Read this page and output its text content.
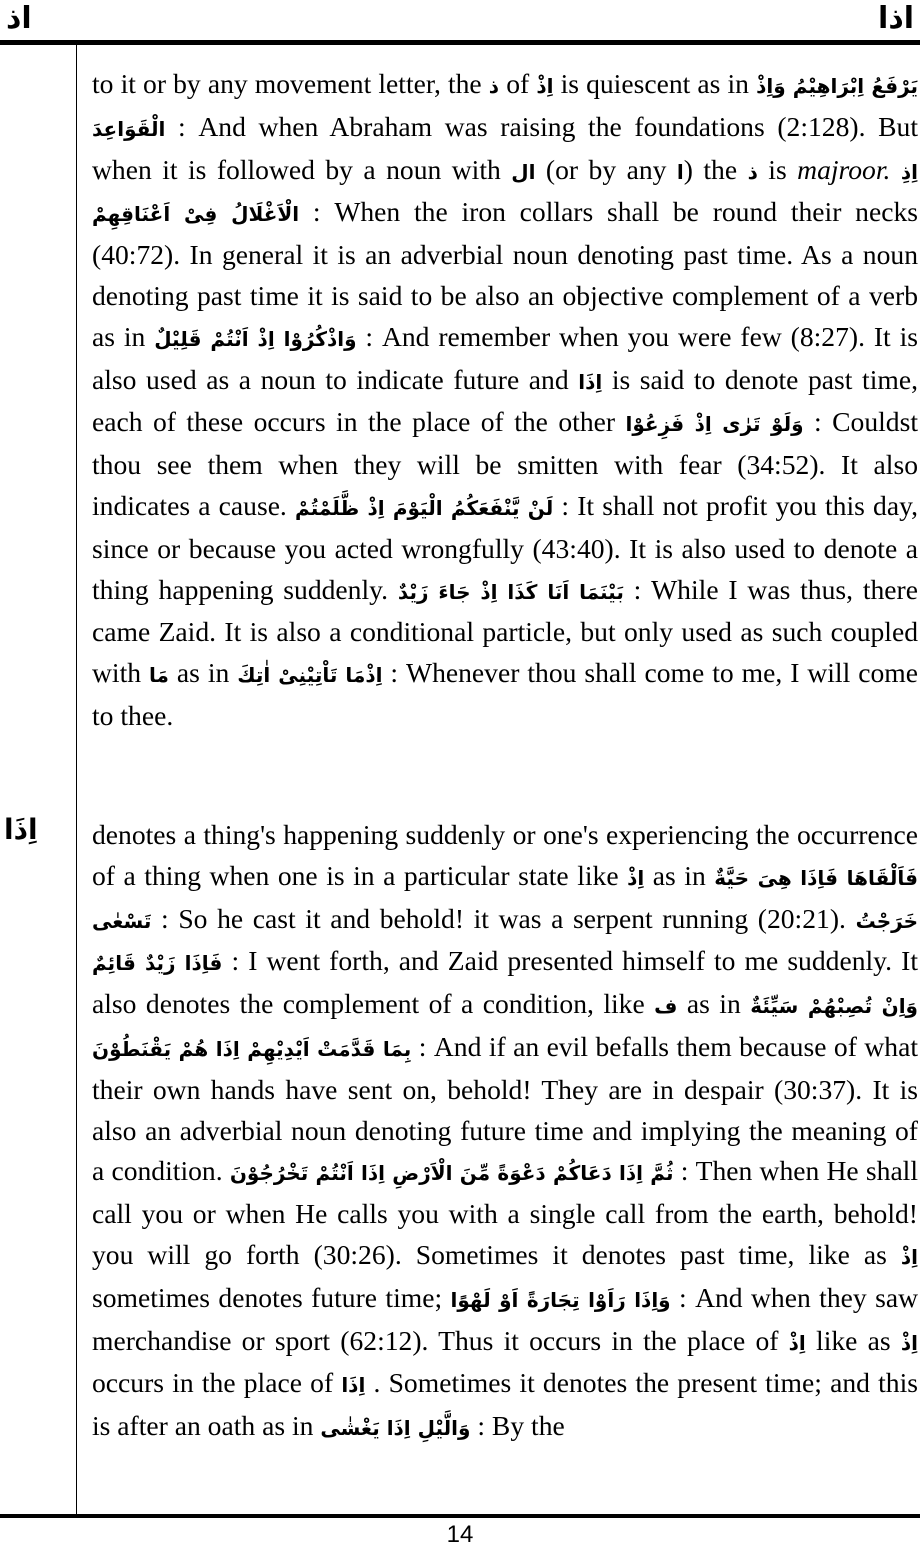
اذ	اذا

to it or by any movement letter, the ذ of اِذْ is quiescent as in وَاِذْ يَرْفَعُ اِبْرَاهِيْمُ الْقَوَاعِدَ : And when Abraham was raising the foundations (2:128). But when it is followed by a noun with ال (or by any ا) the ذ is majroor. اِذِ الْاَغْلَالُ فِىْ اَعْنَاقِهِمْ : When the iron collars shall be round their necks (40:72). In general it is an adverbial noun denoting past time. As a noun denoting past time it is said to be also an objective complement of a verb as in وَاذْكُرُوْا اِذْ اَنْتُمْ قَلِيْلٌ : And remember when you were few (8:27). It is also used as a noun to indicate future and اِذَا is said to denote past time, each of these occurs in the place of the other وَلَوْ تَرٰى اِذْ فَزِعُوْا : Couldst thou see them when they will be smitten with fear (34:52). It also indicates a cause. لَنْ يَّنْفَعَكُمُ الْيَوْمَ اِذْ ظَّلَمْتُمْ : It shall not profit you this day, since or because you acted wrongfully (43:40). It is also used to denote a thing happening suddenly. بَيْنَمَا اَنَا كَذَا اِذْ جَاءَ زَيْدٌ : While I was thus, there came Zaid. It is also a conditional particle, but only used as such coupled with مَا as in اِذْمَا تَاْتِيْنِىْ اٰتِكَ : Whenever thou shall come to me, I will come to thee.

اِذَا denotes a thing's happening suddenly or one's experiencing the occurrence of a thing when one is in a particular state like اِذْ as in فَاَلْقَاهَا فَاِذَا هِىَ حَيَّةٌ تَسْعٰى : So he cast it and behold! it was a serpent running (20:21). خَرَجْتُ فَاِذَا زَيْدٌ قَائِمٌ : I went forth, and Zaid presented himself to me suddenly. It also denotes the complement of a condition, like ف as in وَاِنْ تُصِبْهُمْ سَيِّئَةٌ بِمَا قَدَّمَتْ اَيْدِيْهِمْ اِذَا هُمْ يَقْنَطُوْنَ : And if an evil befalls them because of what their own hands have sent on, behold! They are in despair (30:37). It is also an adverbial noun denoting future time and implying the meaning of a condition. ثُمَّ اِذَا دَعَاكُمْ دَعْوَةً مِّنَ الْاَرْضِ اِذَا اَنْتُمْ تَخْرُجُوْنَ : Then when He shall call you or when He calls you with a single call from the earth, behold! you will go forth (30:26). Sometimes it denotes past time, like as اِذْ sometimes denotes future time; وَاِذَا رَاَوْا تِجَارَةً اَوْ لَهْوًا : And when they saw merchandise or sport (62:12). Thus it occurs in the place of اِذْ like as اِذْ occurs in the place of اِذَا . Sometimes it denotes the present time; and this is after an oath as in وَالَّيْلِ اِذَا يَغْشٰى : By the

14
